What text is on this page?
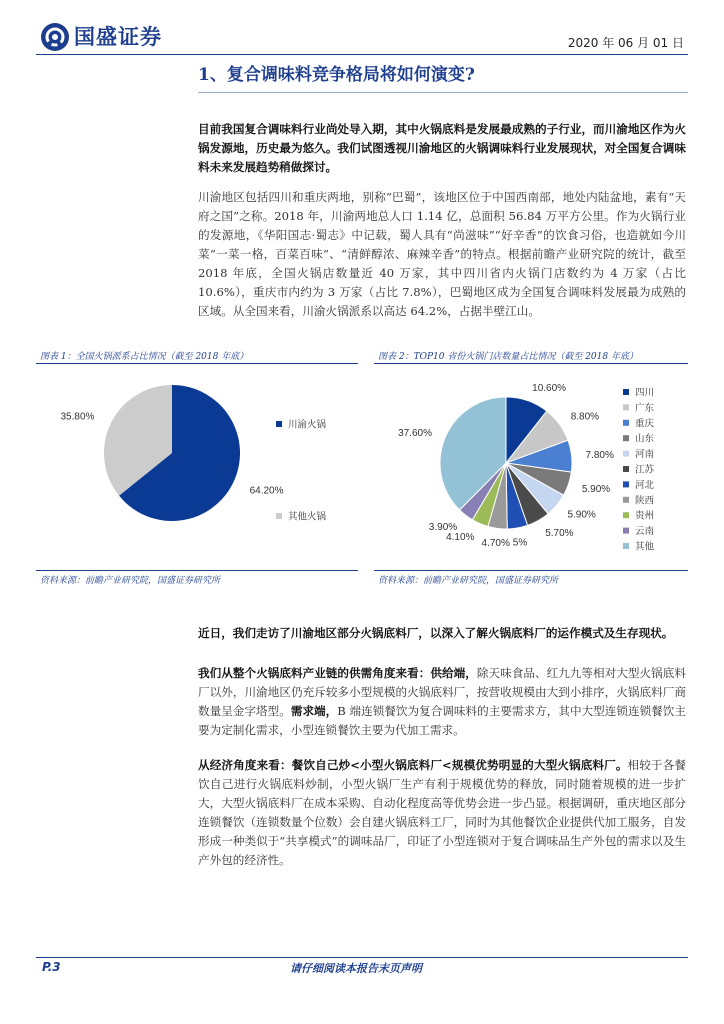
国盛证券	2020 年 06 月 01 日
1、复合调味料竞争格局将如何演变?
目前我国复合调味料行业尚处导入期，其中火锅底料是发展最成熟的子行业，而川渝地区作为火锅发源地，历史最为悠久。我们试图透视川渝地区的火锅调味料行业发展现状，对全国复合调味料未来发展趋势稍做探讨。
川渝地区包括四川和重庆两地，别称“巴蜀”，该地区位于中国西南部，地处内陆盆地，素有“天府之国”之称。2018 年，川渝两地总人口 1.14 亿，总面积 56.84 万平方公里。作为火锅行业的发源地，《华阳国志·蜀志》中记载，蜀人具有“尚滋味”“好辛香”的饮食习俗，也造就如今川菜“一菜一格，百菜百味”、“清鲜醇浓、麻辣辛香”的特点。根据前瞻产业研究院的统计，截至 2018 年底，全国火锅店数量近 40 万家，其中四川省内火锅门店数约为 4 万家（占比 10.6%），重庆市内约为 3 万家（占比 7.8%），巴蜀地区成为全国复合调味料发展最为成熟的区域。从全国来看，川渝火锅派系以高达 64.2%，占据半壁江山。
图表 1：全国火锅派系占比情况（截至 2018 年底）
64.20%
35.80%
川渝火锅
其他火锅
资料来源：前瞻产业研究院，国盛证券研究所
图表 2：TOP10 省份火锅门店数量占比情况（截至 2018 年底）
10.60%
8.80%
7.80%
5.90%
5.90%
5.70%
5%
4.70%
4.10%
3.90%
37.60%
四川
广东
重庆
山东
河南
江苏
河北
陕西
贵州
云南
其他
资料来源：前瞻产业研究院，国盛证券研究所
近日，我们走访了川渝地区部分火锅底料厂，以深入了解火锅底料厂的运作模式及生存现状。
我们从整个火锅底料产业链的供需角度来看：供给端，除天味食品、红九九等相对大型火锅底料厂以外，川渝地区仍充斥较多小型规模的火锅底料厂，按营收规模由大到小排序，火锅底料厂商数量呈金字塔型。需求端，B 端连锁餐饮为复合调味料的主要需求方，其中大型连锁连锁餐饮主要为定制化需求，小型连锁餐饮主要为代加工需求。
从经济角度来看：餐饮自己炒<小型火锅底料厂<规模优势明显的大型火锅底料厂。相较于各餐饮自己进行火锅底料炒制，小型火锅厂生产有利于规模优势的释放，同时随着规模的进一步扩大，大型火锅底料厂在成本采购、自动化程度高等优势会进一步凸显。根据调研，重庆地区部分连锁餐饮（连锁数量个位数）会自建火锅底料工厂，同时为其他餐饮企业提供代加工服务，自发形成一种类似于“共享模式”的调味品厂，印证了小型连锁对于复合调味品生产外包的需求以及生产外包的经济性。
P.3	请仔细阅读本报告末页声明
